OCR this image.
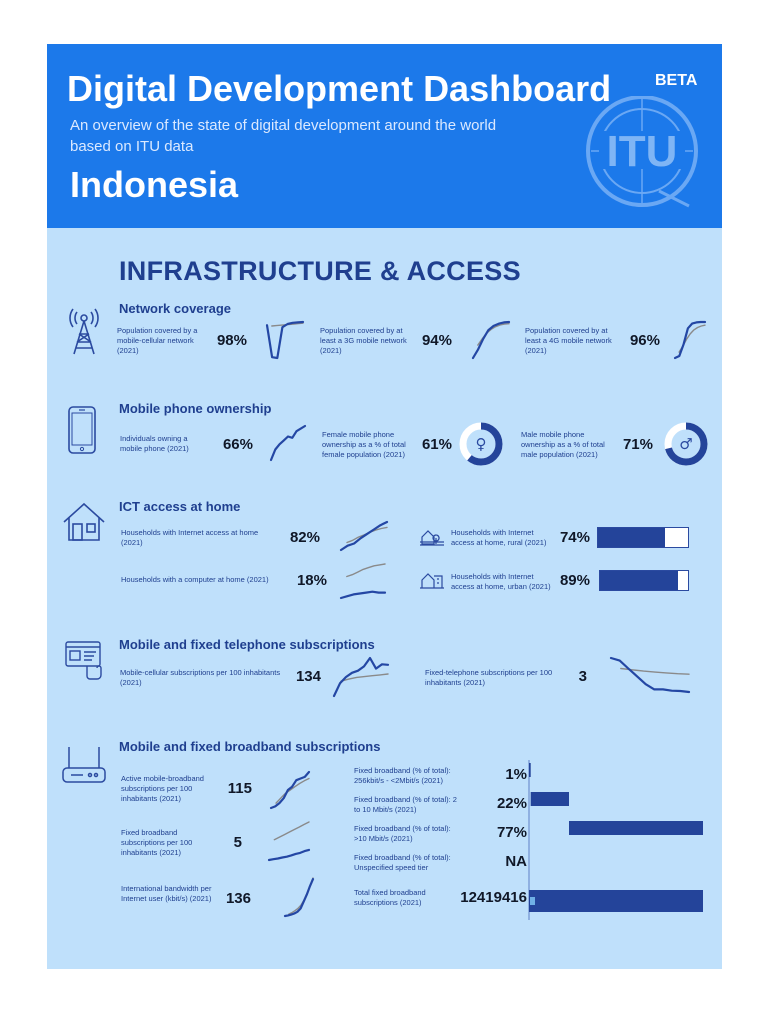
Digital Development Dashboard	BETA
An overview of the state of digital development around the world based on ITU data
Indonesia
ITU
INFRASTRUCTURE & ACCESS
Network coverage
Population covered by a mobile-cellular network (2021)
98%
Population covered by at least a 3G mobile network (2021)
94%
Population covered by at least a 4G mobile network (2021)
96%
Mobile phone ownership
Individuals owning a mobile phone (2021)	66%
Female mobile phone ownership as a % of total female population (2021)
61% ♀
Male mobile phone ownership as a % of total male population (2021)
71% ♂
ICT access at home
Households with Internet access at home (2021)	82%
Households with a computer at home (2021)	18%
Households with Internet access at home, rural (2021) 74%
Households with Internet access at home, urban (2021) 89%
Mobile and fixed telephone subscriptions
Mobile-cellular subscriptions per 100 inhabitants (2021)	134	Fixed-telephone subscriptions per 100 inhabitants (2021)	3
Mobile and fixed broadband subscriptions
Active mobile-broadband subscriptions per 100 inhabitants (2021)
115
Fixed broadband subscriptions per 100 inhabitants (2021)
5
International bandwidth per Internet user (kbit/s) (2021) 136
Fixed broadband (% of total): 256kbit/s - <2Mbit/s (2021)	1%
Fixed broadband (% of total): 2 to 10 Mbit/s (2021)	22%
Fixed broadband (% of total): >10 Mbit/s (2021)	77%
Fixed broadband (% of total): Unspecified speed tier	NA
Total fixed broadband subscriptions (2021)	12419416
